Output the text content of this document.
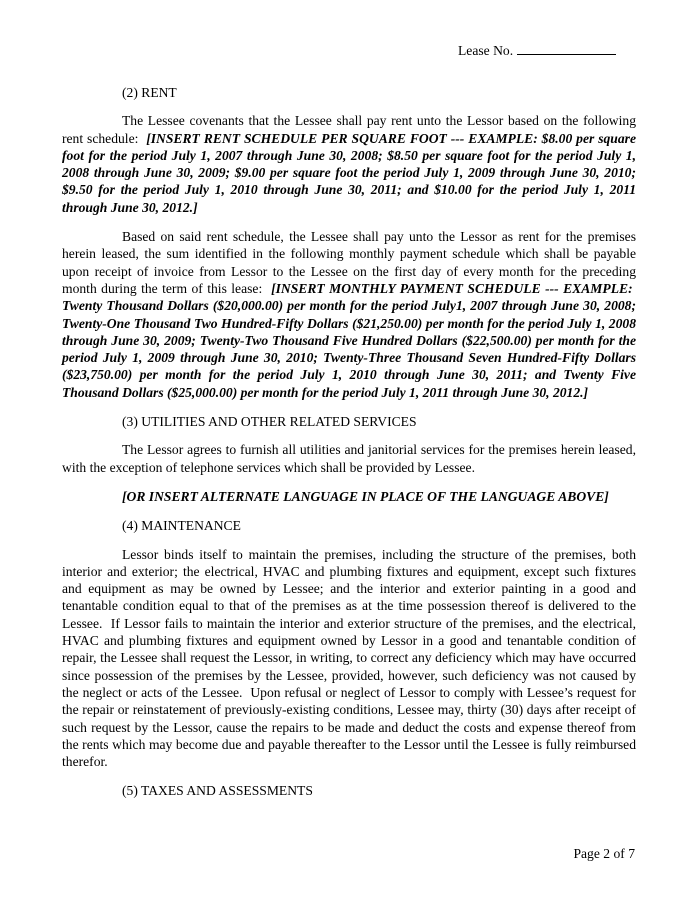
Lease No.
(2) RENT

The Lessee covenants that the Lessee shall pay rent unto the Lessor based on the following rent schedule:  [INSERT RENT SCHEDULE PER SQUARE FOOT --- EXAMPLE: $8.00 per square foot for the period July 1, 2007 through June 30, 2008; $8.50 per square foot for the period July 1, 2008 through June 30, 2009; $9.00 per square foot the period July 1, 2009 through June 30, 2010; $9.50 for the period July 1, 2010 through June 30, 2011; and $10.00 for the period July 1, 2011 through June 30, 2012.]

Based on said rent schedule, the Lessee shall pay unto the Lessor as rent for the premises herein leased, the sum identified in the following monthly payment schedule which shall be payable upon receipt of invoice from Lessor to the Lessee on the first day of every month for the preceding month during the term of this lease:  [INSERT MONTHLY PAYMENT SCHEDULE --- EXAMPLE:  Twenty Thousand Dollars ($20,000.00) per month for the period July1, 2007 through June 30, 2008; Twenty-One Thousand Two Hundred-Fifty Dollars ($21,250.00) per month for the period July 1, 2008 through June 30, 2009; Twenty-Two Thousand Five Hundred Dollars ($22,500.00) per month for the period July 1, 2009 through June 30, 2010; Twenty-Three Thousand Seven Hundred-Fifty Dollars ($23,750.00) per month for the period July 1, 2010 through June 30, 2011; and Twenty Five Thousand Dollars ($25,000.00) per month for the period July 1, 2011 through June 30, 2012.]

(3) UTILITIES AND OTHER RELATED SERVICES

The Lessor agrees to furnish all utilities and janitorial services for the premises herein leased, with the exception of telephone services which shall be provided by Lessee.

[OR INSERT ALTERNATE LANGUAGE IN PLACE OF THE LANGUAGE ABOVE]
(4) MAINTENANCE

Lessor binds itself to maintain the premises, including the structure of the premises, both interior and exterior; the electrical, HVAC and plumbing fixtures and equipment, except such fixtures and equipment as may be owned by Lessee; and the interior and exterior painting in a good and tenantable condition equal to that of the premises as at the time possession thereof is delivered to the Lessee.  If Lessor fails to maintain the interior and exterior structure of the premises, and the electrical, HVAC and plumbing fixtures and equipment owned by Lessor in a good and tenantable condition of repair, the Lessee shall request the Lessor, in writing, to correct any deficiency which may have occurred since possession of the premises by the Lessee, provided, however, such deficiency was not caused by the neglect or acts of the Lessee.  Upon refusal or neglect of Lessor to comply with Lessee’s request for the repair or reinstatement of previously-existing conditions, Lessee may, thirty (30) days after receipt of such request by the Lessor, cause the repairs to be made and deduct the costs and expense thereof from the rents which may become due and payable thereafter to the Lessor until the Lessee is fully reimbursed therefor.

(5) TAXES AND ASSESSMENTS
Page 2 of 7
